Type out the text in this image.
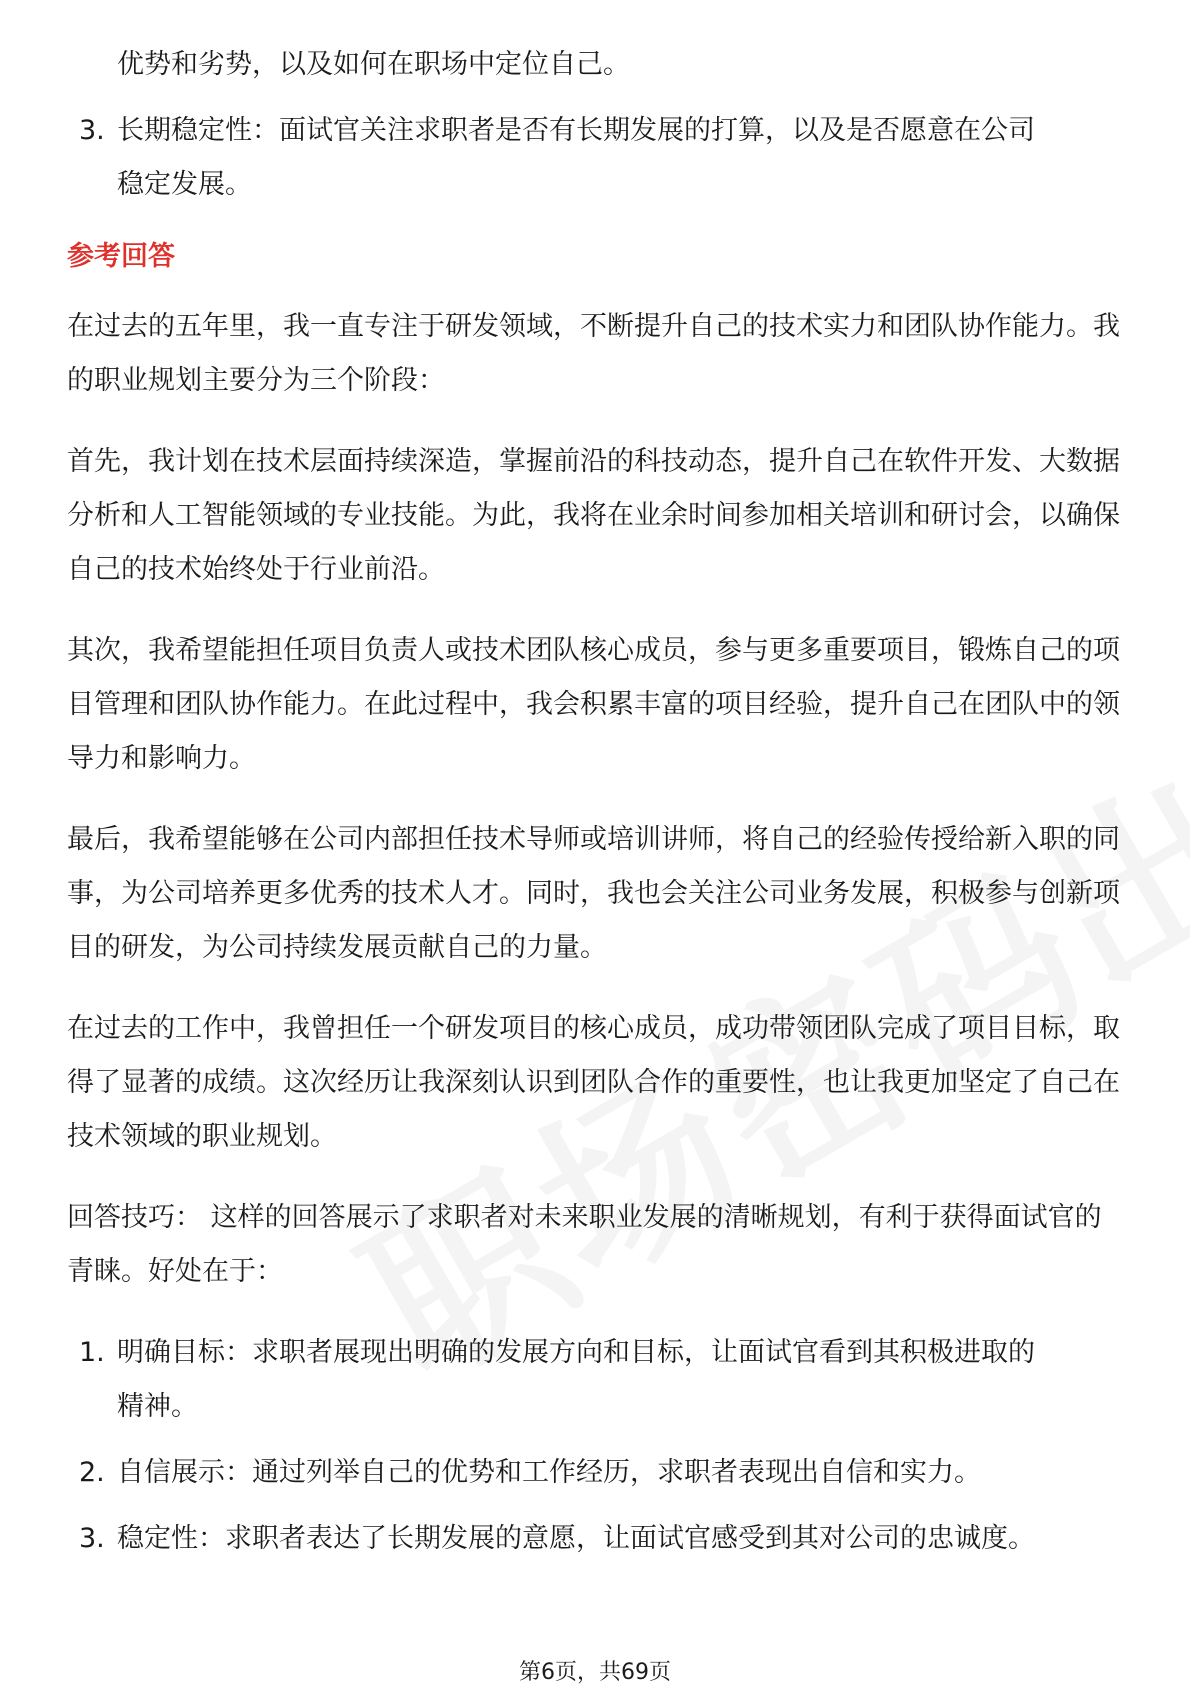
优势和劣势，以及如何在职场中定位自己。
3. 长期稳定性：面试官关注求职者是否有长期发展的打算，以及是否愿意在公司
稳定发展。
参考回答

在过去的五年里，我一直专注于研发领域，不断提升自己的技术实力和团队协作能力。我的职业规划主要分为三个阶段：

首先，我计划在技术层面持续深造，掌握前沿的科技动态，提升自己在软件开发、大数据分析和人工智能领域的专业技能。为此，我将在业余时间参加相关培训和研讨会，以确保自己的技术始终处于行业前沿。

其次，我希望能担任项目负责人或技术团队核心成员，参与更多重要项目，锻炼自己的项目管理和团队协作能力。在此过程中，我会积累丰富的项目经验，提升自己在团队中的领导力和影响力。

最后，我希望能够在公司内部担任技术导师或培训讲师，将自己的经验传授给新入职的同事，为公司培养更多优秀的技术人才。同时，我也会关注公司业务发展，积极参与创新项目的研发，为公司持续发展贡献自己的力量。

在过去的工作中，我曾担任一个研发项目的核心成员，成功带领团队完成了项目目标，取得了显著的成绩。这次经历让我深刻认识到团队合作的重要性，也让我更加坚定了自己在技术领域的职业规划。

回答技巧： 这样的回答展示了求职者对未来职业发展的清晰规划，有利于获得面试官的青睐。好处在于：

1. 明确目标：求职者展现出明确的发展方向和目标，让面试官看到其积极进取的
精神。
2. 自信展示：通过列举自己的优势和工作经历，求职者表现出自信和实力。
3. 稳定性：求职者表达了长期发展的意愿，让面试官感受到其对公司的忠诚度。
第6页，共69页
